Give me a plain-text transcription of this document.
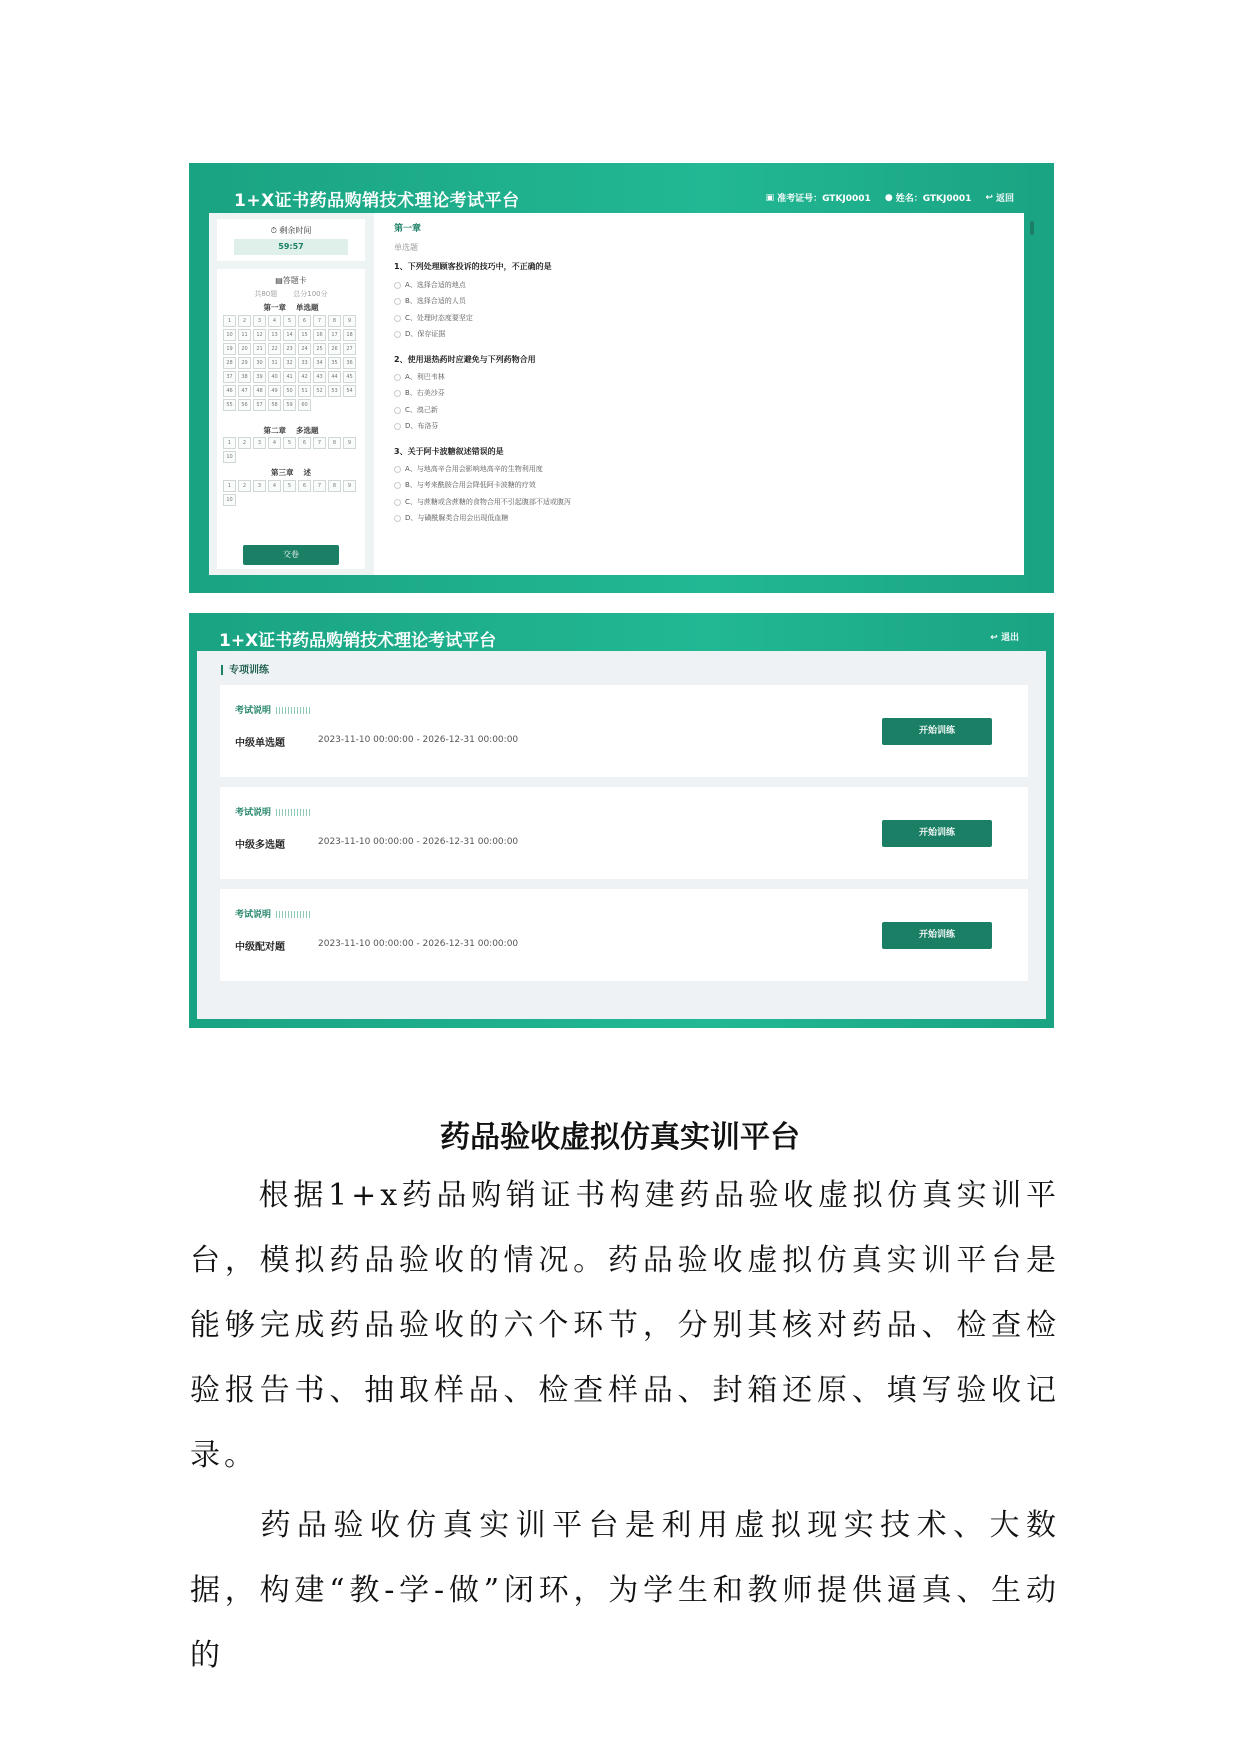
1+X证书药品购销技术理论考试平台	▣ 准考证号：GTKJ0001 ● 姓名：GTKJ0001 ↩ 返回
⏱ 剩余时间
59:57
▤答题卡
共80题 总分100分
第一章 单选题
1	2	3	4	5	6	7	8	9
10	11	12	13	14	15	16	17	18
19	20	21	22	23	24	25	26	27
28	29	30	31	32	33	34	35	36
37	38	39	40	41	42	43	44	45
46	47	48	49	50	51	52	53	54
55	56	57	58	59	60
第二章 多选题
1	2	3	4	5	6	7	8	9
10
第三章 述
1	2	3	4	5	6	7	8	9
10
交卷
第一章
单选题
1、下列处理顾客投诉的技巧中，不正确的是
A、选择合适的地点
B、选择合适的人员
C、处理时态度要坚定
D、保存证据
2、使用退热药时应避免与下列药物合用
A、利巴韦林
B、右美沙芬
C、溴己新
D、布洛芬
3、关于阿卡波糖叙述错误的是
A、与地高辛合用会影响地高辛的生物利用度
B、与考来酰胺合用会降低阿卡波糖的疗效
C、与蔗糖或含蔗糖的食物合用不引起腹部不适或腹泻
D、与磺酰脲类合用会出现低血糖
1+X证书药品购销技术理论考试平台	↩ 退出
专项训练
考试说明
中级单选题	2023-11-10 00:00:00 - 2026-12-31 00:00:00
开始训练
考试说明
中级多选题	2023-11-10 00:00:00 - 2026-12-31 00:00:00
开始训练
考试说明
中级配对题	2023-11-10 00:00:00 - 2026-12-31 00:00:00
开始训练
药品验收虚拟仿真实训平台
根据1+x药品购销证书构建药品验收虚拟仿真实训平台，模拟药品验收的情况。药品验收虚拟仿真实训平台是能够完成药品验收的六个环节，分别其核对药品、检查检验报告书、抽取样品、检查样品、封箱还原、填写验收记录。
药品验收仿真实训平台是利用虚拟现实技术、大数据，构建“教-学-做”闭环，为学生和教师提供逼真、生动的
